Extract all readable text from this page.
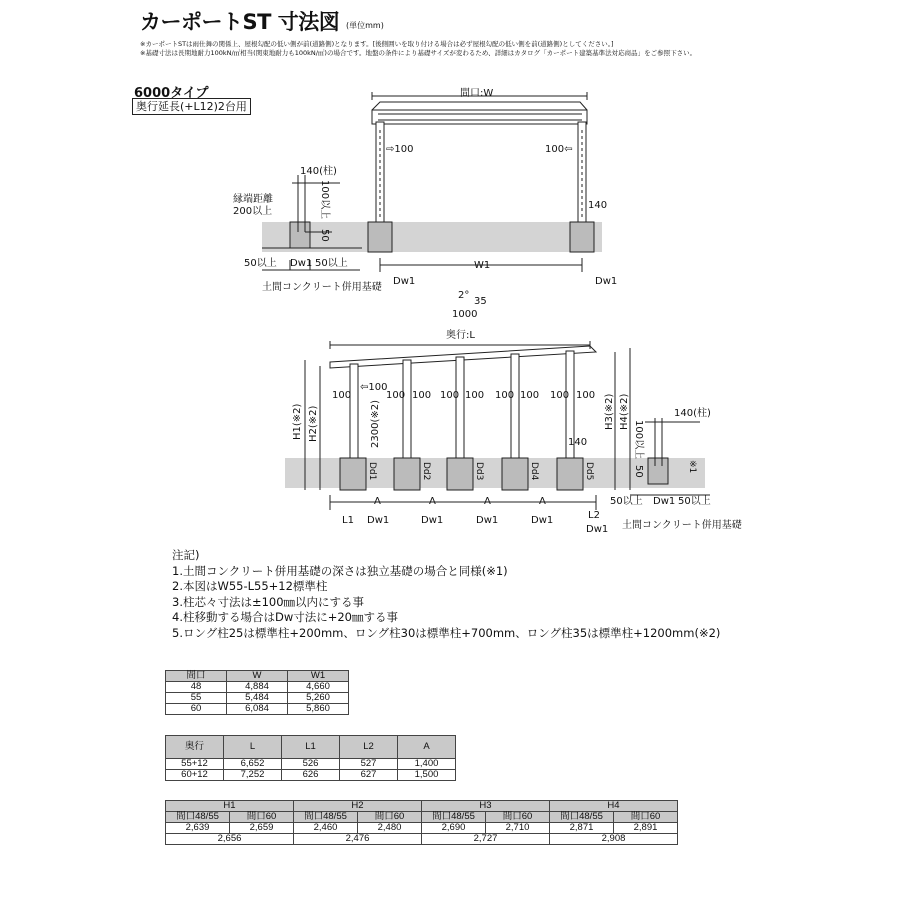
カーポートST 寸法図 (単位mm)
※カーポートSTは雨仕舞の関係上、屋根勾配の低い側が前(道路側)となります。[後側囲いを取り付ける場合は必ず屋根勾配の低い側を前(道路側)としてください。]
※基礎寸法は長期地耐力100kN/㎡相当(関東地耐力も100kN/㎡)の場合です。地盤の条件により基礎サイズが変わるため、詳細はカタログ「カーポート建築基準法対応商品」をご参照下さい。
6000タイプ
奥行延長(+L12)2台用
間口:W
⇨100	100⇦
140(柱)
縁端距離
200以上	100以上
50
140
50以上 Dw1 50以上	W1
Dw1	Dw1
土間コンクリート併用基礎
2°
35
1000
奥行:L
H1(※2) H2(※2)	2300(※2)	H3(※2) H4(※2)
⇦100
100	100 100 100 100 100 100 100 100
140
Dd1	Dd2	Dd3	Dd4	Dd5
A	A	A	A
L1 Dw1	Dw1	Dw1	Dw1	L2
Dw1
140(柱)
100以上
50	※1
50以上 Dw1 50以上
土間コンクリート併用基礎
注記)
1.土間コンクリート併用基礎の深さは独立基礎の場合と同様(※1)
2.本図はW55-L55+12標準柱
3.柱芯々寸法は±100㎜以内にする事
4.柱移動する場合はDw寸法に+20㎜する事
5.ロング柱25は標準柱+200mm、ロング柱30は標準柱+700mm、ロング柱35は標準柱+1200mm(※2)
間口	W	W1
48	4,884	4,660
55	5,484	5,260
60	6,084	5,860
奥行	L	L1	L2	A
55+12	6,652	526	527	1,400
60+12	7,252	626	627	1,500
H1		H2		H3		H4	
間口48/55	間口60	間口48/55	間口60	間口48/55	間口60	間口48/55	間口60
2,639	2,659	2,460	2,480	2,690	2,710	2,871	2,891
2,656		2,476		2,727		2,908	
